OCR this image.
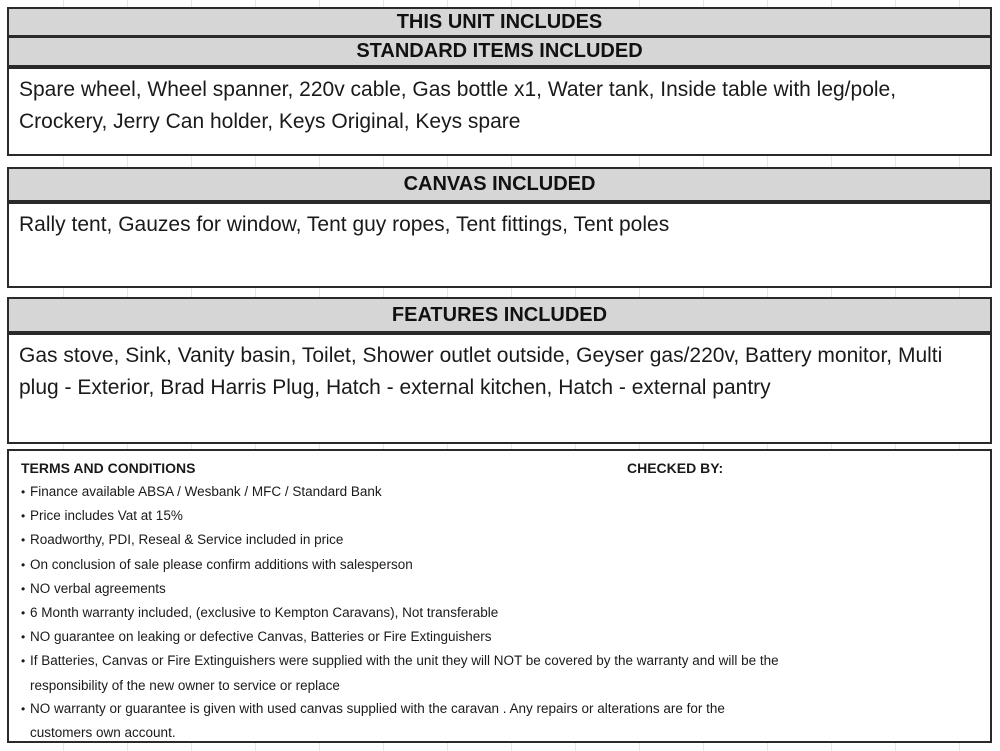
THIS UNIT INCLUDES
STANDARD ITEMS INCLUDED
Spare wheel, Wheel spanner, 220v cable, Gas bottle x1, Water tank, Inside table with leg/pole,
Crockery, Jerry Can holder, Keys Original, Keys spare
CANVAS INCLUDED
Rally tent, Gauzes for window, Tent guy ropes, Tent fittings, Tent poles
FEATURES INCLUDED
Gas stove, Sink, Vanity basin, Toilet, Shower outlet outside, Geyser gas/220v, Battery monitor, Multi
plug - Exterior, Brad Harris Plug, Hatch - external kitchen, Hatch - external pantry
TERMS AND CONDITIONS	CHECKED BY:
• Finance available ABSA / Wesbank / MFC / Standard Bank
• Price includes Vat at 15%
• Roadworthy, PDI, Reseal & Service included in price
• On conclusion of sale please confirm additions with salesperson
• NO verbal agreements
• 6 Month warranty included, (exclusive to Kempton Caravans), Not transferable
• NO guarantee on leaking or defective Canvas, Batteries or Fire Extinguishers
• If Batteries, Canvas or Fire Extinguishers were supplied with the unit they will NOT be covered by the warranty and will be the responsibility of the new owner to service or replace
• NO warranty or guarantee is given with used canvas supplied with the caravan . Any repairs or alterations are for the customers own account.
